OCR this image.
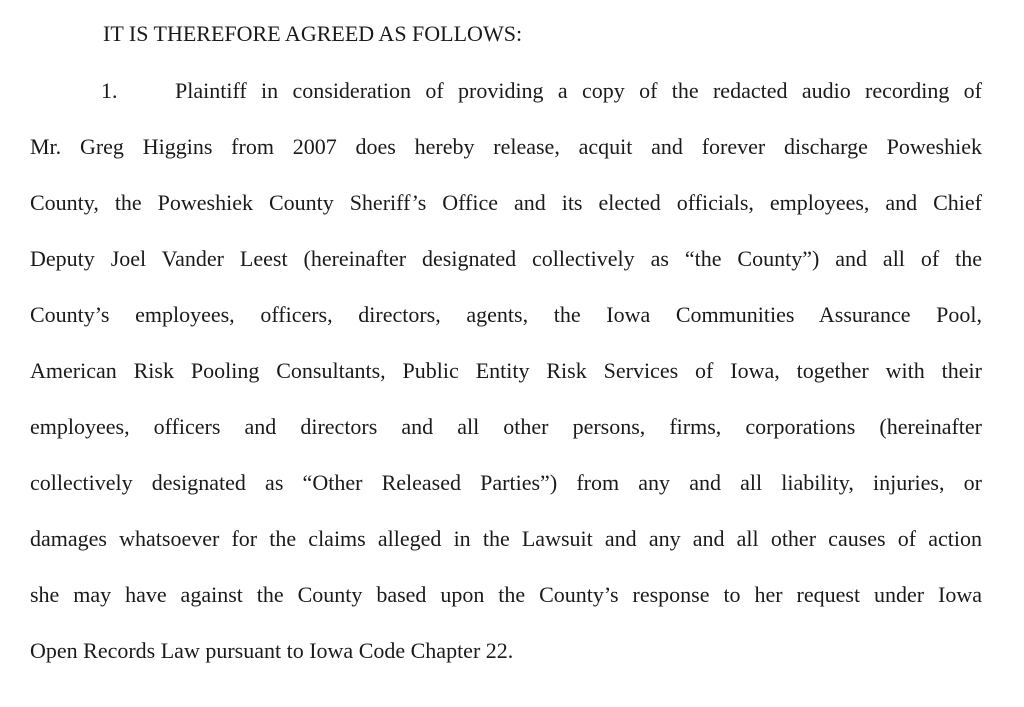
IT IS THEREFORE AGREED AS FOLLOWS:
1.	Plaintiff in consideration of providing a copy of the redacted audio recording of
Mr. Greg Higgins from 2007 does hereby release, acquit and forever discharge Poweshiek
County, the Poweshiek County Sheriff’s Office and its elected officials, employees, and Chief
Deputy Joel Vander Leest (hereinafter designated collectively as “the County”) and all of the
County’s employees, officers, directors, agents, the Iowa Communities Assurance Pool,
American Risk Pooling Consultants, Public Entity Risk Services of Iowa, together with their
employees, officers and directors and all other persons, firms, corporations (hereinafter
collectively designated as “Other Released Parties”) from any and all liability, injuries, or
damages whatsoever for the claims alleged in the Lawsuit and any and all other causes of action
she may have against the County based upon the County’s response to her request under Iowa
Open Records Law pursuant to Iowa Code Chapter 22.
